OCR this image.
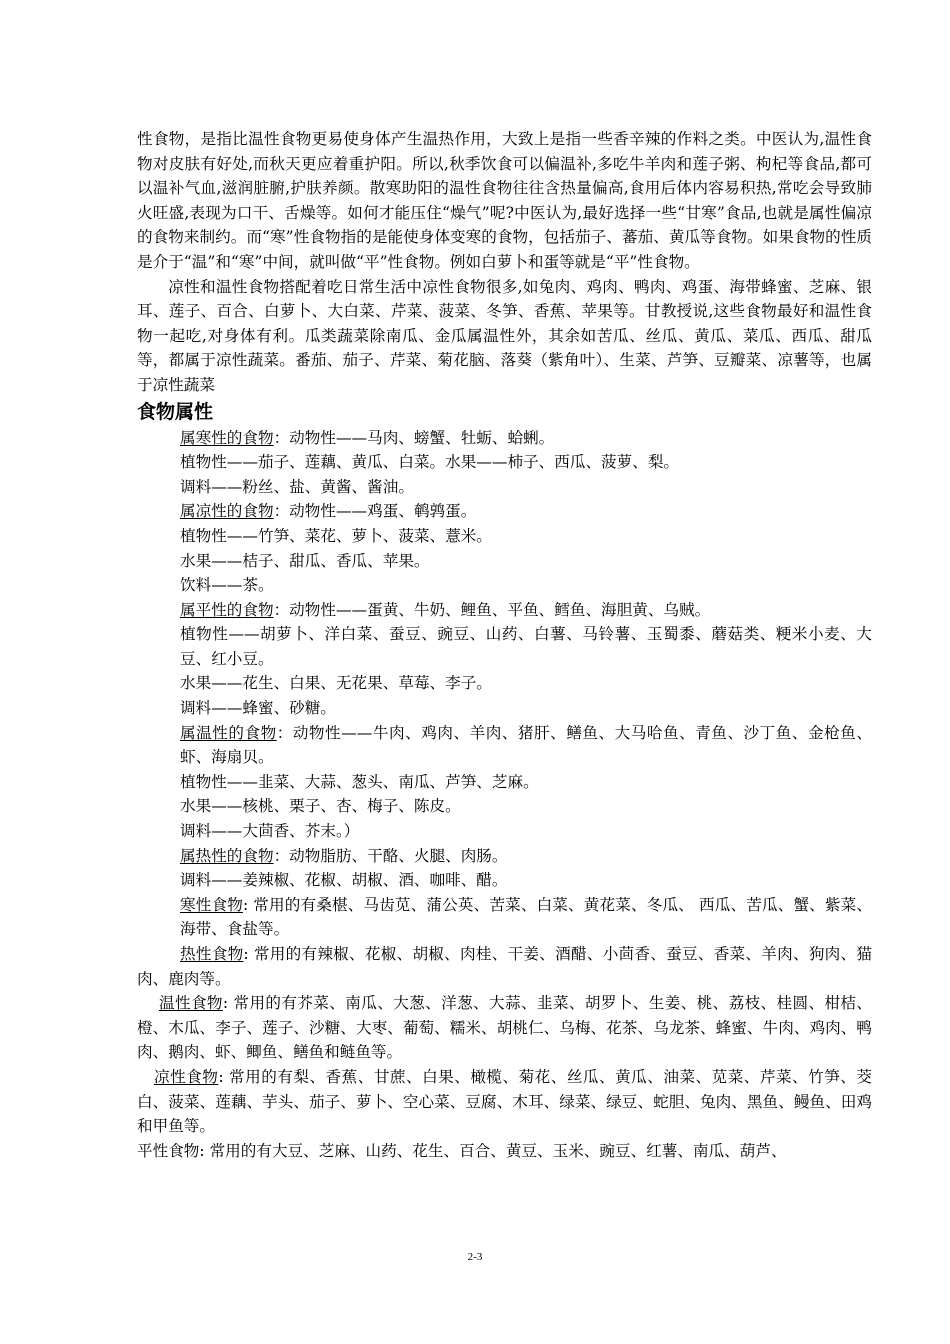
性食物，是指比温性食物更易使身体产生温热作用，大致上是指一些香辛辣的作料之类。中医认为,温性食物对皮肤有好处,而秋天更应着重护阳。所以,秋季饮食可以偏温补,多吃牛羊肉和莲子粥、枸杞等食品,都可以温补气血,滋润脏腑,护肤养颜。散寒助阳的温性食物往往含热量偏高,食用后体内容易积热,常吃会导致肺火旺盛,表现为口干、舌燥等。如何才能压住“燥气”呢?中医认为,最好选择一些“甘寒”食品,也就是属性偏凉的食物来制约。而“寒”性食物指的是能使身体变寒的食物，包括茄子、蕃茄、黄瓜等食物。如果食物的性质是介于“温”和“寒”中间，就叫做“平”性食物。例如白萝卜和蛋等就是“平”性食物。

凉性和温性食物搭配着吃日常生活中凉性食物很多,如兔肉、鸡肉、鸭肉、鸡蛋、海带蜂蜜、芝麻、银耳、莲子、百合、白萝卜、大白菜、芹菜、菠菜、冬笋、香蕉、苹果等。甘教授说,这些食物最好和温性食物一起吃,对身体有利。瓜类蔬菜除南瓜、金瓜属温性外，其余如苦瓜、丝瓜、黄瓜、菜瓜、西瓜、甜瓜等，都属于凉性蔬菜。番茄、茄子、芹菜、菊花脑、落葵（紫角叶）、生菜、芦笋、豆瓣菜、凉薯等，也属于凉性蔬菜

食物属性

属寒性的食物：动物性——马肉、螃蟹、牡蛎、蛤蜊。

植物性——茄子、莲藕、黄瓜、白菜。水果——柿子、西瓜、菠萝、梨。

调料——粉丝、盐、黄酱、酱油。

属凉性的食物：动物性——鸡蛋、鹌鹑蛋。

植物性——竹笋、菜花、萝卜、菠菜、薏米。

水果——桔子、甜瓜、香瓜、苹果。

饮料——茶。

属平性的食物：动物性——蛋黄、牛奶、鲤鱼、平鱼、鳕鱼、海胆黄、乌贼。

植物性——胡萝卜、洋白菜、蚕豆、豌豆、山药、白薯、马铃薯、玉蜀黍、蘑菇类、粳米小麦、大豆、红小豆。

水果——花生、白果、无花果、草莓、李子。

调料——蜂蜜、砂糖。

属温性的食物：动物性——牛肉、鸡肉、羊肉、猪肝、鳝鱼、大马哈鱼、青鱼、沙丁鱼、金枪鱼、虾、海扇贝。

植物性——韭菜、大蒜、葱头、南瓜、芦笋、芝麻。

水果——核桃、栗子、杏、梅子、陈皮。

调料——大茴香、芥末。）

属热性的食物：动物脂肪、干酪、火腿、肉肠。

调料——姜辣椒、花椒、胡椒、酒、咖啡、醋。

寒性食物: 常用的有桑椹、马齿苋、蒲公英、苦菜、白菜、黄花菜、冬瓜、 西瓜、苦瓜、蟹、紫菜、海带、食盐等。

热性食物: 常用的有辣椒、花椒、胡椒、肉桂、干姜、酒醋、小茴香、蚕豆、香菜、羊肉、狗肉、猫肉、鹿肉等。

温性食物: 常用的有芥菜、南瓜、大葱、洋葱、大蒜、韭菜、胡罗卜、生姜、桃、荔枝、桂圆、柑桔、橙、木瓜、李子、莲子、沙糖、大枣、葡萄、糯米、胡桃仁、乌梅、花茶、乌龙茶、蜂蜜、牛肉、鸡肉、鸭肉、鹅肉、虾、鲫鱼、鳝鱼和鲢鱼等。

凉性食物: 常用的有梨、香蕉、甘蔗、白果、橄榄、菊花、丝瓜、黄瓜、油菜、苋菜、芹菜、竹笋、茭白、菠菜、莲藕、芋头、茄子、萝卜、空心菜、豆腐、木耳、绿菜、绿豆、蛇胆、兔肉、黑鱼、鳗鱼、田鸡和甲鱼等。

平性食物: 常用的有大豆、芝麻、山药、花生、百合、黄豆、玉米、豌豆、红薯、南瓜、葫芦、

2-3
